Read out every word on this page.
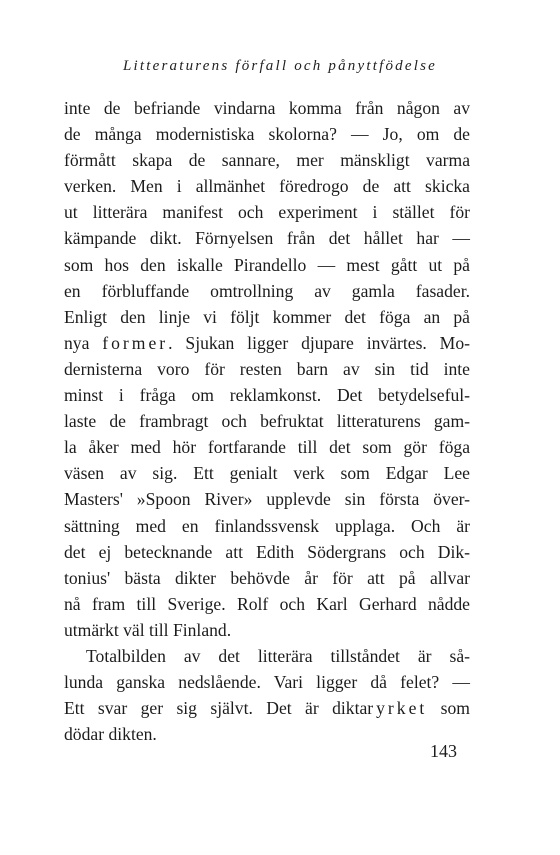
Litteraturens förfall och pånyttfödelse
inte de befriande vindarna komma från någon av
de många modernistiska skolorna? — Jo, om de
förmått skapa de sannare, mer mänskligt varma
verken. Men i allmänhet föredrogo de att skicka
ut litterära manifest och experiment i stället för
kämpande dikt. Förnyelsen från det hållet har —
som hos den iskalle Pirandello — mest gått ut på
en förbluffande omtrollning av gamla fasader.
Enligt den linje vi följt kommer det föga an på
nya former. Sjukan ligger djupare invärtes. Mo-
dernisterna voro för resten barn av sin tid inte
minst i fråga om reklamkonst. Det betydelseful-
laste de frambragt och befruktat litteraturens gam-
la åker med hör fortfarande till det som gör föga
väsen av sig. Ett genialt verk som Edgar Lee
Masters' »Spoon River» upplevde sin första över-
sättning med en finlandssvensk upplaga. Och är
det ej betecknande att Edith Södergrans och Dik-
tonius' bästa dikter behövde år för att på allvar
nå fram till Sverige. Rolf och Karl Gerhard nådde
utmärkt väl till Finland.
Totalbilden av det litterära tillståndet är så-
lunda ganska nedslående. Vari ligger då felet? —
Ett svar ger sig självt. Det är diktaryrket som
dödar dikten.
143
